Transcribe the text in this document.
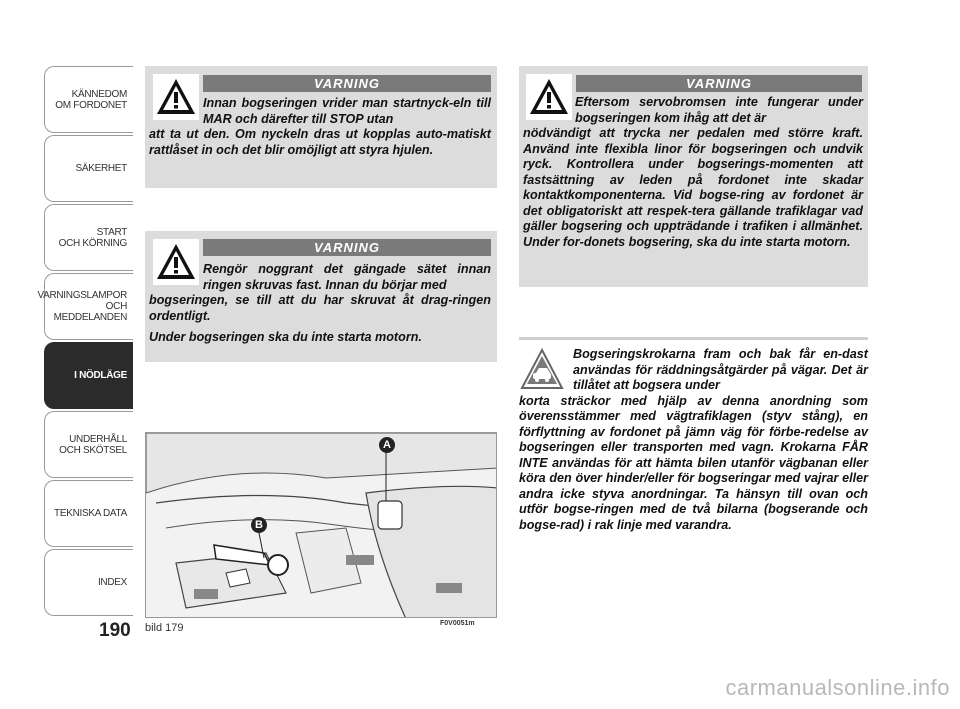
KÄNNEDOM
OM FORDONET
SÄKERHET
START
OCH KÖRNING
VARNINGSLAMPOR
OCH
MEDDELANDEN
I NÖDLÄGE
UNDERHÅLL
OCH SKÖTSEL
TEKNISKA DATA
INDEX
190
VARNING
Innan bogseringen vrider man startnyck-eln till MAR och därefter till STOP utan
att ta ut den. Om nyckeln dras ut kopplas auto-matiskt rattlåset in och det blir omöjligt att styra hjulen.
VARNING
Rengör noggrant det gängade sätet innan ringen skruvas fast. Innan du börjar med
bogseringen, se till att du har skruvat åt drag-ringen ordentligt.

Under bogseringen ska du inte starta motorn.

VARNING
Eftersom servobromsen inte fungerar under bogseringen kom ihåg att det är
nödvändigt att trycka ner pedalen med större kraft. Använd inte flexibla linor för bogseringen och undvik ryck. Kontrollera under bogserings-momenten att fastsättning av leden på fordonet inte skadar kontaktkomponenterna. Vid bogse-ring av fordonet är det obligatoriskt att respek-tera gällande trafiklagar vad gäller bogsering och uppträdande i trafiken i allmänhet. Under for-donets bogsering, ska du inte starta motorn.
A
B
bild 179	F0V0051m
Bogseringskrokarna fram och bak får en-dast användas för räddningsåtgärder på vägar. Det är tillåtet att bogsera under
korta sträckor med hjälp av denna anordning som överensstämmer med vägtrafiklagen (styv stång), en förflyttning av fordonet på jämn väg för förbe-redelse av bogseringen eller transporten med vagn. Krokarna FÅR INTE användas för att hämta bilen utanför vägbanan eller köra den över hinder/eller för bogseringar med vajrar eller andra icke styva anordningar. Ta hänsyn till ovan och utför bogse-ringen med de två bilarna (bogserande och bogse-rad) i rak linje med varandra.
carmanualsonline.info
